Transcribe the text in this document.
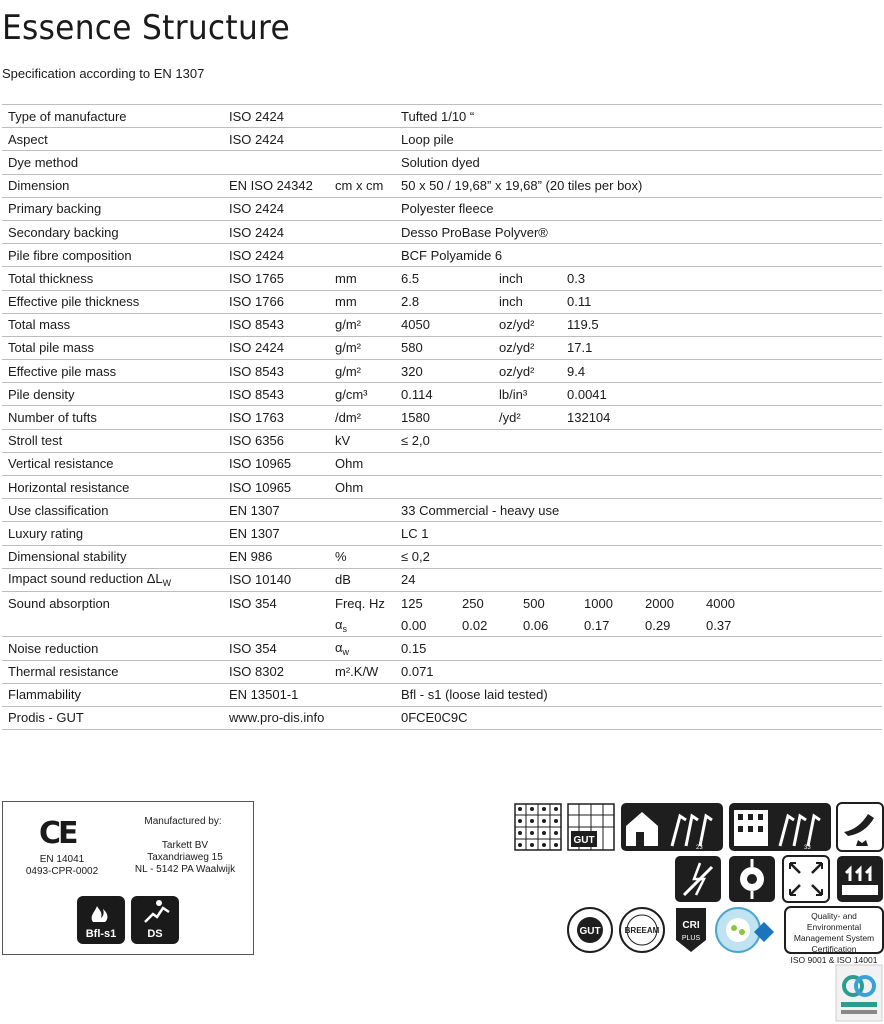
Essence Structure
Specification according to EN 1307
Type of manufacture	ISO 2424		Tufted 1/10 “
Aspect	ISO 2424		Loop pile
Dye method			Solution dyed
Dimension	EN ISO 24342	cm x cm	50 x 50 / 19,68” x 19,68” (20 tiles per box)
Primary backing	ISO 2424		Polyester fleece
Secondary backing	ISO 2424		Desso ProBase Polyver®
Pile fibre composition	ISO 2424		BCF Polyamide 6
Total thickness	ISO 1765	mm	6.5 inch 0.3
Effective pile thickness	ISO 1766	mm	2.8 inch 0.11
Total mass	ISO 8543	g/m²	4050 oz/yd² 119.5
Total pile mass	ISO 2424	g/m²	580 oz/yd² 17.1
Effective pile mass	ISO 8543	g/m²	320 oz/yd² 9.4
Pile density	ISO 8543	g/cm³	0.114 lb/in³ 0.0041
Number of tufts	ISO 1763	/dm²	1580 /yd² 132104
Stroll test	ISO 6356	kV	≤ 2,0
Vertical resistance	ISO 10965	Ohm	
Horizontal resistance	ISO 10965	Ohm	
Use classification	EN 1307		33 Commercial - heavy use
Luxury rating	EN 1307		LC 1
Dimensional stability	EN 986	%	≤ 0,2
Impact sound reduction $\Delta L_W$	ISO 10140	dB	24
Sound absorption	ISO 354	Freq. Hz	125 250 500 1000 2000 4000
		$\alpha_s$	0.00 0.02 0.06 0.17 0.29 0.37
Noise reduction	ISO 354	$\alpha_w$	0.15
Thermal resistance	ISO 8302	m².K/W	0.071
Flammability	EN 13501-1		Bfl - s1 (loose laid tested)
Prodis - GUT	www.pro-dis.info		0FCE0C9C
CE
EN 14041
0493-CPR-0002
Manufactured by:
Tarkett BV
Taxandriaweg 15
NL - 5142 PA Waalwijk
Bfl-s1	DS
GUT
23	33
GUT	BREEAM CRI
PLUS
Quality- and Environmental
Management System Certification
ISO 9001 & ISO 14001
